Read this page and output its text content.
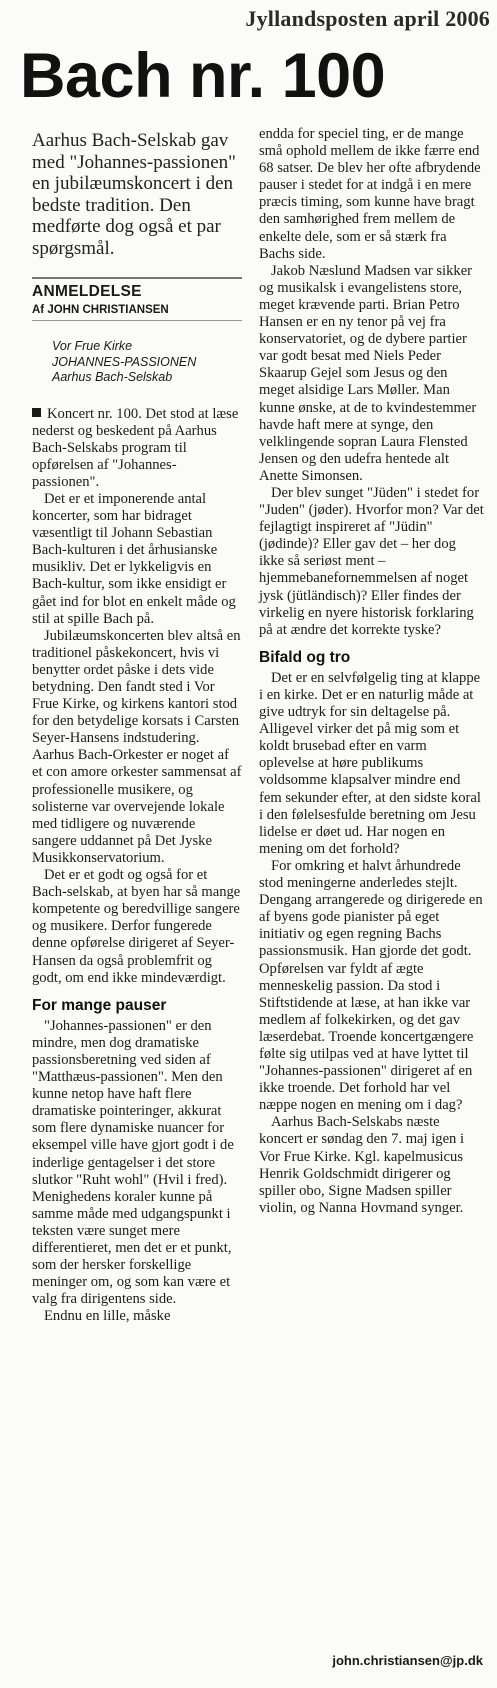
Jyllandsposten april 2006
Bach nr. 100

Aarhus Bach-Selskab gav med "Johannes-passionen" en jubilæumskoncert i den bedste tradition. Den medførte dog også et par spørgsmål.

ANMELDELSE
Af JOHN CHRISTIANSEN
Vor Frue Kirke
JOHANNES-PASSIONEN
Aarhus Bach-Selskab

Koncert nr. 100. Det stod at læse nederst og beskedent på Aarhus Bach-Selskabs program til opførelsen af "Johannes-passionen".

Det er et imponerende antal koncerter, som har bidraget væsentligt til Johann Sebastian Bach-kulturen i det århusianske musikliv. Det er lykkeligvis en Bach-kultur, som ikke ensidigt er gået ind for blot en enkelt måde og stil at spille Bach på.

Jubilæumskoncerten blev altså en traditionel påskekoncert, hvis vi benytter ordet påske i dets vide betydning. Den fandt sted i Vor Frue Kirke, og kirkens kantori stod for den betydelige korsats i Carsten Seyer-Hansens indstudering. Aarhus Bach-Orkester er noget af et con amore orkester sammensat af professionelle musikere, og solisterne var overvejende lokale med tidligere og nuværende sangere uddannet på Det Jyske Musikkonservatorium.

Det er et godt og også for et Bach-selskab, at byen har så mange kompetente og beredvillige sangere og musikere. Derfor fungerede denne opførelse dirigeret af Seyer-Hansen da også problemfrit og godt, om end ikke mindeværdigt.

For mange pauser

"Johannes-passionen" er den mindre, men dog dramatiske passionsberetning ved siden af "Matthæus-passionen". Men den kunne netop have haft flere dramatiske pointeringer, akkurat som flere dynamiske nuancer for eksempel ville have gjort godt i de inderlige gentagelser i det store slutkor "Ruht wohl" (Hvil i fred). Menighedens koraler kunne på samme måde med udgangspunkt i teksten være sunget mere differentieret, men det er et punkt, som der hersker forskellige meninger om, og som kan være et valg fra dirigentens side.

Endnu en lille, måske

endda for speciel ting, er de mange små ophold mellem de ikke færre end 68 satser. De blev her ofte afbrydende pauser i stedet for at indgå i en mere præcis timing, som kunne have bragt den samhørighed frem mellem de enkelte dele, som er så stærk fra Bachs side.

Jakob Næslund Madsen var sikker og musikalsk i evangelistens store, meget krævende parti. Brian Petro Hansen er en ny tenor på vej fra konservatoriet, og de dybere partier var godt besat med Niels Peder Skaarup Gejel som Jesus og den meget alsidige Lars Møller. Man kunne ønske, at de to kvindestemmer havde haft mere at synge, den velklingende sopran Laura Flensted Jensen og den udefra hentede alt Anette Simonsen.

Der blev sunget "Jüden" i stedet for "Juden" (jøder). Hvorfor mon? Var det fejlagtigt inspireret af "Jüdin" (jødinde)? Eller gav det – her dog ikke så seriøst ment – hjemmebanefornemmelsen af noget jysk (jütländisch)? Eller findes der virkelig en nyere historisk forklaring på at ændre det korrekte tyske?

Bifald og tro

Det er en selvfølgelig ting at klappe i en kirke. Det er en naturlig måde at give udtryk for sin deltagelse på. Alligevel virker det på mig som et koldt brusebad efter en varm oplevelse at høre publikums voldsomme klapsalver mindre end fem sekunder efter, at den sidste koral i den følelsesfulde beretning om Jesu lidelse er døet ud. Har nogen en mening om det forhold?

For omkring et halvt århundrede stod meningerne anderledes stejlt. Dengang arrangerede og dirigerede en af byens gode pianister på eget initiativ og egen regning Bachs passionsmusik. Han gjorde det godt. Opførelsen var fyldt af ægte menneskelig passion. Da stod i Stiftstidende at læse, at han ikke var medlem af folkekirken, og det gav læserdebat. Troende koncertgængere følte sig utilpas ved at have lyttet til "Johannes-passionen" dirigeret af en ikke troende. Det forhold har vel næppe nogen en mening om i dag?

Aarhus Bach-Selskabs næste koncert er søndag den 7. maj igen i Vor Frue Kirke. Kgl. kapelmusicus Henrik Goldschmidt dirigerer og spiller obo, Signe Madsen spiller violin, og Nanna Hovmand synger.

john.christiansen@jp.dk
